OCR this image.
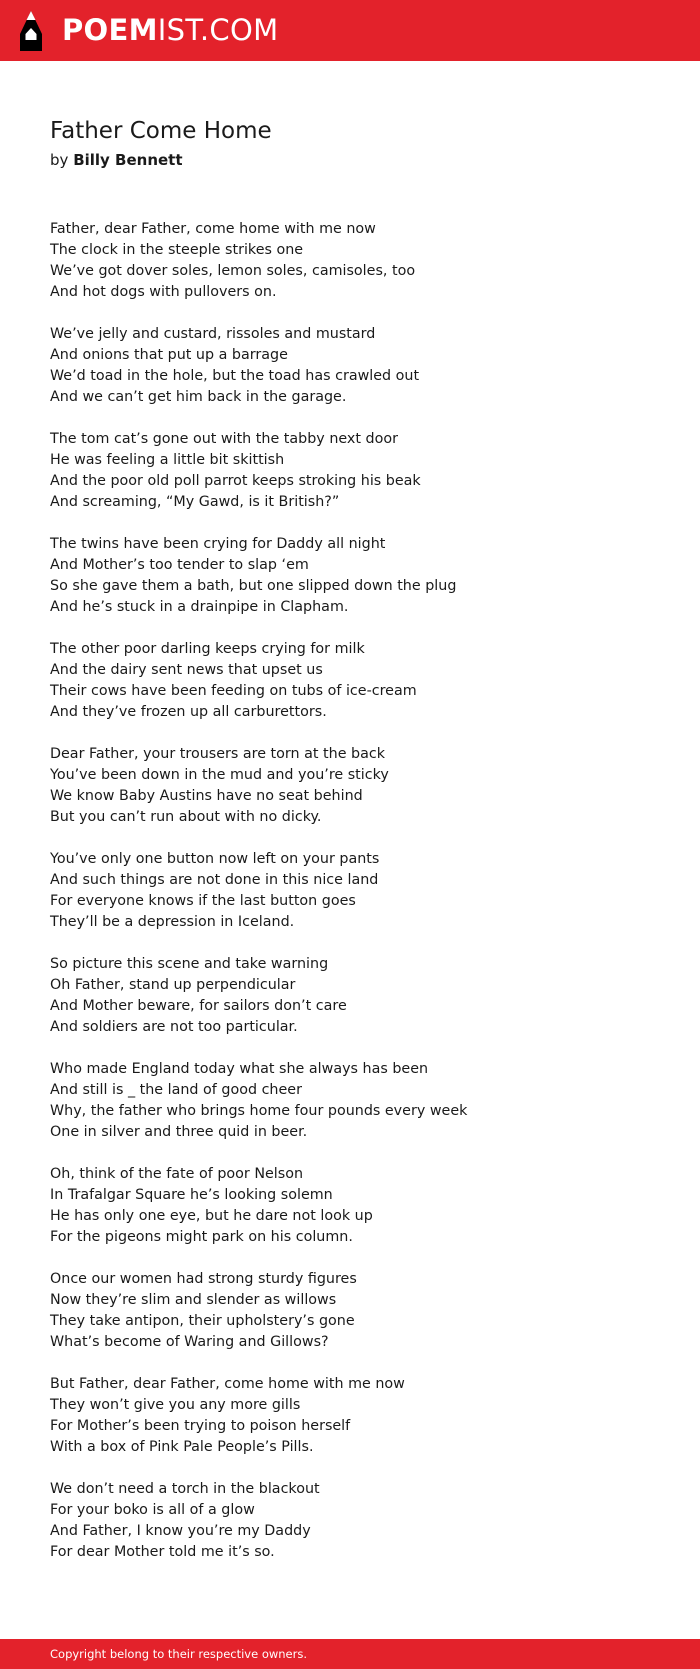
POEMIST.COM
Father Come Home
by Billy Bennett
Father, dear Father, come home with me now
The clock in the steeple strikes one
We’ve got dover soles, lemon soles, camisoles, too
And hot dogs with pullovers on.
We’ve jelly and custard, rissoles and mustard
And onions that put up a barrage
We’d toad in the hole, but the toad has crawled out
And we can’t get him back in the garage.
The tom cat’s gone out with the tabby next door
He was feeling a little bit skittish
And the poor old poll parrot keeps stroking his beak
And screaming, “My Gawd, is it British?”
The twins have been crying for Daddy all night
And Mother’s too tender to slap ‘em
So she gave them a bath, but one slipped down the plug
And he’s stuck in a drainpipe in Clapham.
The other poor darling keeps crying for milk
And the dairy sent news that upset us
Their cows have been feeding on tubs of ice-cream
And they’ve frozen up all carburettors.
Dear Father, your trousers are torn at the back
You’ve been down in the mud and you’re sticky
We know Baby Austins have no seat behind
But you can’t run about with no dicky.
You’ve only one button now left on your pants
And such things are not done in this nice land
For everyone knows if the last button goes
They’ll be a depression in Iceland.
So picture this scene and take warning
Oh Father, stand up perpendicular
And Mother beware, for sailors don’t care
And soldiers are not too particular.
Who made England today what she always has been
And still is _ the land of good cheer
Why, the father who brings home four pounds every week
One in silver and three quid in beer.
Oh, think of the fate of poor Nelson
In Trafalgar Square he’s looking solemn
He has only one eye, but he dare not look up
For the pigeons might park on his column.
Once our women had strong sturdy figures
Now they’re slim and slender as willows
They take antipon, their upholstery’s gone
What’s become of Waring and Gillows?
But Father, dear Father, come home with me now
They won’t give you any more gills
For Mother’s been trying to poison herself
With a box of Pink Pale People’s Pills.
We don’t need a torch in the blackout
For your boko is all of a glow
And Father, I know you’re my Daddy
For dear Mother told me it’s so.
Copyright belong to their respective owners.
